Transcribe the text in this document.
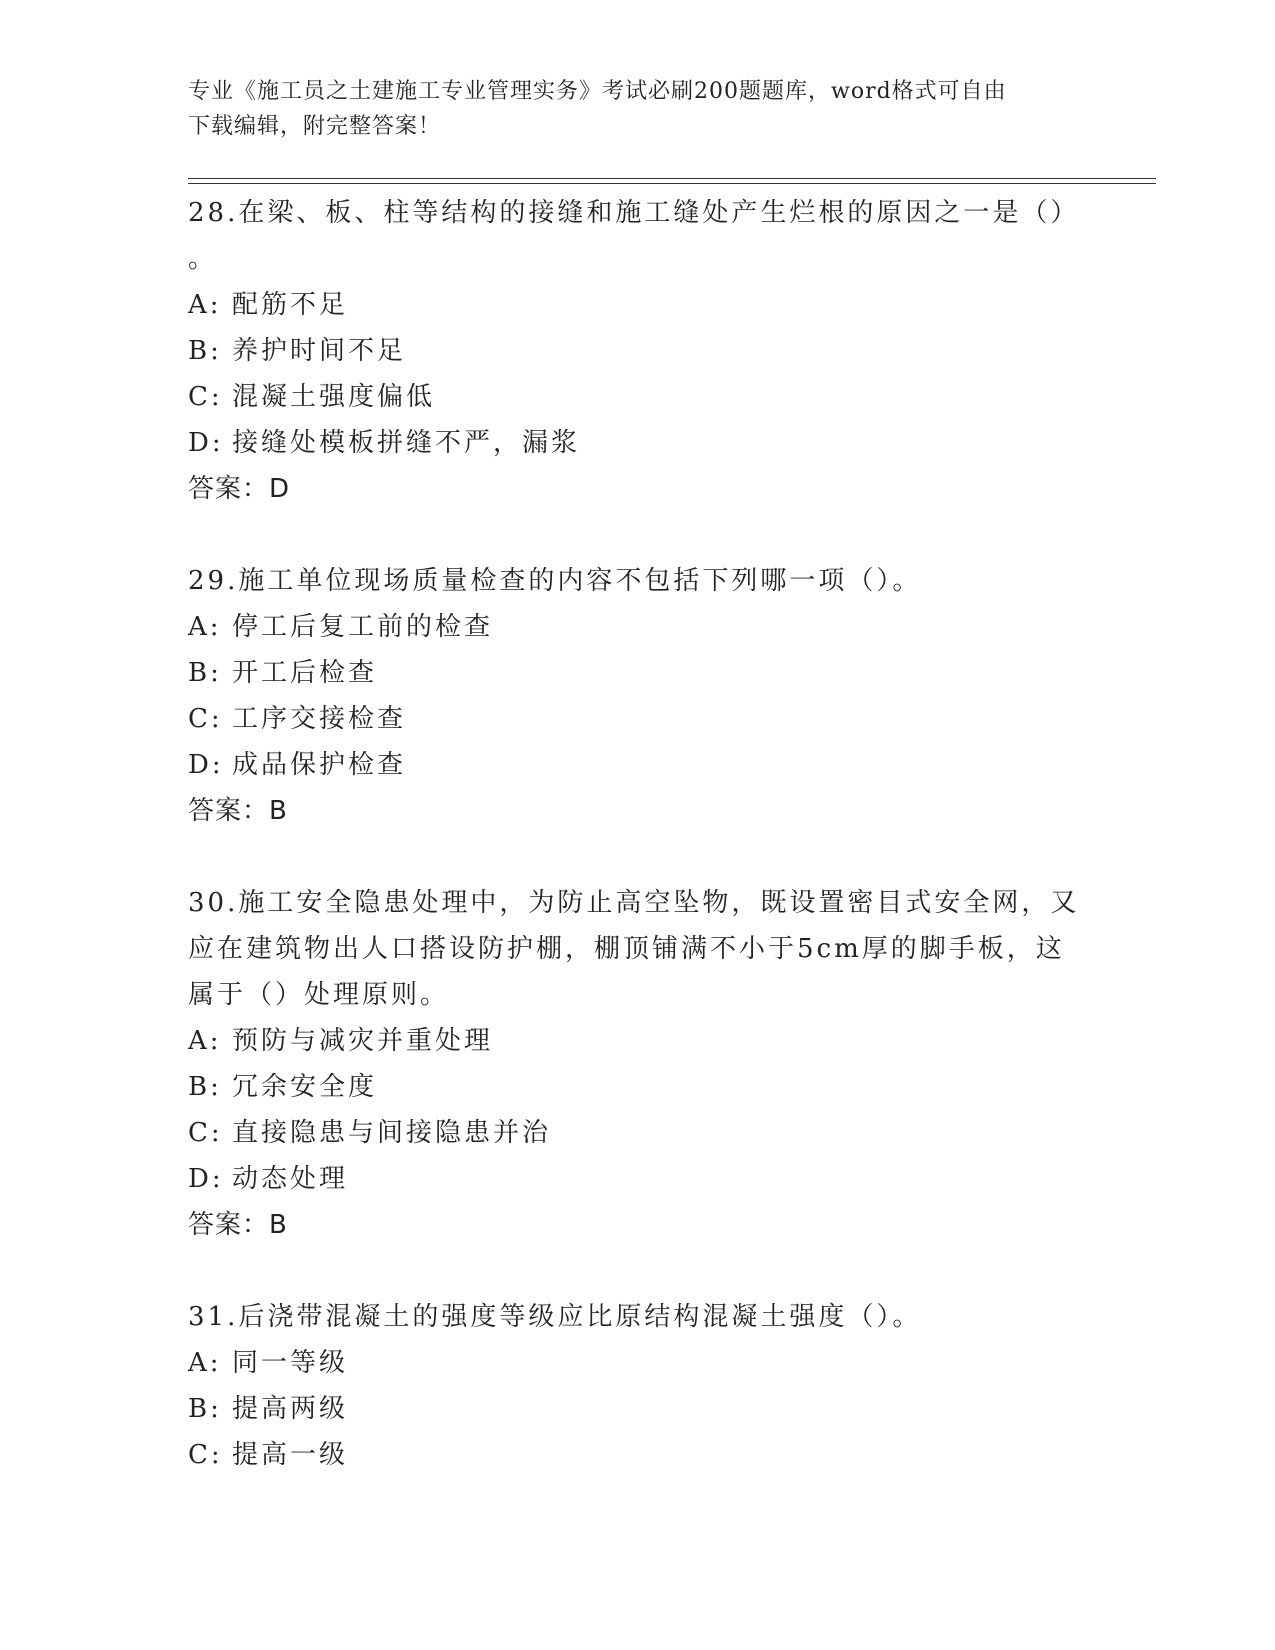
专业《施工员之土建施工专业管理实务》考试必刷200题题库，word格式可自由
下载编辑，附完整答案！
28.在梁、板、柱等结构的接缝和施工缝处产生烂根的原因之一是（）
。
A: 配筋不足
B: 养护时间不足
C: 混凝土强度偏低
D: 接缝处模板拼缝不严，漏浆
答案：D
29.施工单位现场质量检查的内容不包括下列哪一项（）。
A: 停工后复工前的检查
B: 开工后检查
C: 工序交接检查
D: 成品保护检查
答案：B
30.施工安全隐患处理中，为防止高空坠物，既设置密目式安全网，又
应在建筑物出人口搭设防护棚，棚顶铺满不小于5cm厚的脚手板，这
属于（）处理原则。
A: 预防与减灾并重处理
B: 冗余安全度
C: 直接隐患与间接隐患并治
D: 动态处理
答案：B
31.后浇带混凝土的强度等级应比原结构混凝土强度（）。
A: 同一等级
B: 提高两级
C: 提高一级
